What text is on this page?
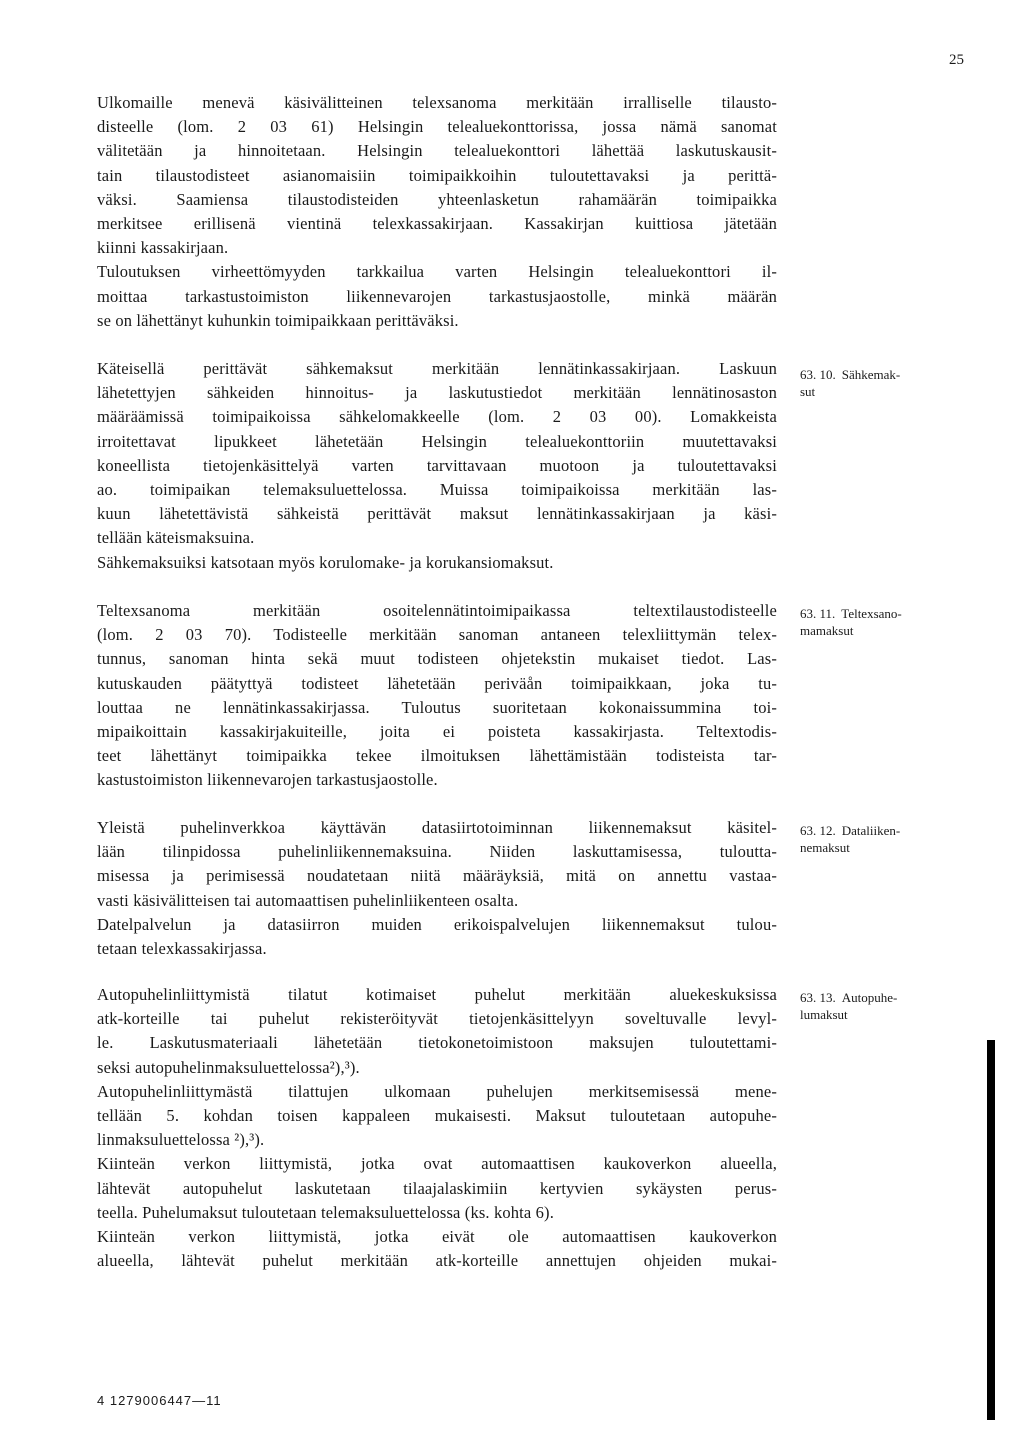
25
Ulkomaille menevä käsivälitteinen telexsanoma merkitään irralliselle tilausto-
disteelle (lom. 2 03 61) Helsingin telealuekonttorissa, jossa nämä sanomat
välitetään ja hinnoitetaan. Helsingin telealuekonttori lähettää laskutuskausit-
tain tilaustodisteet asianomaisiin toimipaikkoihin tuloutettavaksi ja perittä-
väksi. Saamiensa tilaustodisteiden yhteenlasketun rahamäärän toimipaikka
merkitsee erillisenä vientinä telexkassakirjaan. Kassakirjan kuittiosa jätetään
kiinni kassakirjaan.
Tuloutuksen virheettömyyden tarkkailua varten Helsingin telealuekonttori il-
moittaa tarkastustoimiston liikennevarojen tarkastusjaostolle, minkä määrän
se on lähettänyt kuhunkin toimipaikkaan perittäväksi.
Käteisellä perittävät sähkemaksut merkitään lennätinkassakirjaan. Laskuun
lähetettyjen sähkeiden hinnoitus- ja laskutustiedot merkitään lennätinosaston
määräämissä toimipaikoissa sähkelomakkeelle (lom. 2 03 00). Lomakkeista
irroitettavat lipukkeet lähetetään Helsingin telealuekonttoriin muutettavaksi
koneellista tietojenkäsittelyä varten tarvittavaan muotoon ja tuloutettavaksi
ao. toimipaikan telemaksuluettelossa. Muissa toimipaikoissa merkitään las-
kuun lähetettävistä sähkeistä perittävät maksut lennätinkassakirjaan ja käsi-
tellään käteismaksuina.
Sähkemaksuiksi katsotaan myös korulomake- ja korukansiomaksut.
Teltexsanoma merkitään osoitelennätintoimipaikassa teltextilaustodisteelle
(lom. 2 03 70). Todisteelle merkitään sanoman antaneen telexliittymän telex-
tunnus, sanoman hinta sekä muut todisteen ohjetekstin mukaiset tiedot. Las-
kutuskauden päätyttyä todisteet lähetetään periväån toimipaikkaan, joka tu-
louttaa ne lennätinkassakirjassa. Tuloutus suoritetaan kokonaissummina toi-
mipaikoittain kassakirjakuiteille, joita ei poisteta kassakirjasta. Teltextodis-
teet lähettänyt toimipaikka tekee ilmoituksen lähettämistään todisteista tar-
kastustoimiston liikennevarojen tarkastusjaostolle.
Yleistä puhelinverkkoa käyttävän datasiirtotoiminnan liikennemaksut käsitel-
lään tilinpidossa puhelinliikennemaksuina. Niiden laskuttamisessa, tuloutta-
misessa ja perimisessä noudatetaan niitä määräyksiä, mitä on annettu vastaa-
vasti käsivälitteisen tai automaattisen puhelinliikenteen osalta.
Datelpalvelun ja datasiirron muiden erikoispalvelujen liikennemaksut tulou-
tetaan telexkassakirjassa.
Autopuhelinliittymistä tilatut kotimaiset puhelut merkitään aluekeskuksissa
atk-korteille tai puhelut rekisteröityvät tietojenkäsittelyyn soveltuvalle levyl-
le. Laskutusmateriaali lähetetään tietokonetoimistoon maksujen tuloutettami-
seksi autopuhelinmaksuluettelossa²),³).
Autopuhelinliittymästä tilattujen ulkomaan puhelujen merkitsemisessä mene-
tellään 5. kohdan toisen kappaleen mukaisesti. Maksut tuloutetaan autopuhe-
linmaksuluettelossa ²),³).
Kiinteän verkon liittymistä, jotka ovat automaattisen kaukoverkon alueella,
lähtevät autopuhelut laskutetaan tilaajalaskimiin kertyvien sykäysten perus-
teella. Puhelumaksut tuloutetaan telemaksuluettelossa (ks. kohta 6).
Kiinteän verkon liittymistä, jotka eivät ole automaattisen kaukoverkon
alueella, lähtevät puhelut merkitään atk-korteille annettujen ohjeiden mukai-
63. 10. Sähkemak-
sut
63. 11. Teltexsano-
mamaksut
63. 12. Dataliiken-
nemaksut
63. 13. Autopuhe-
lumaksut
4 1279006447—11
